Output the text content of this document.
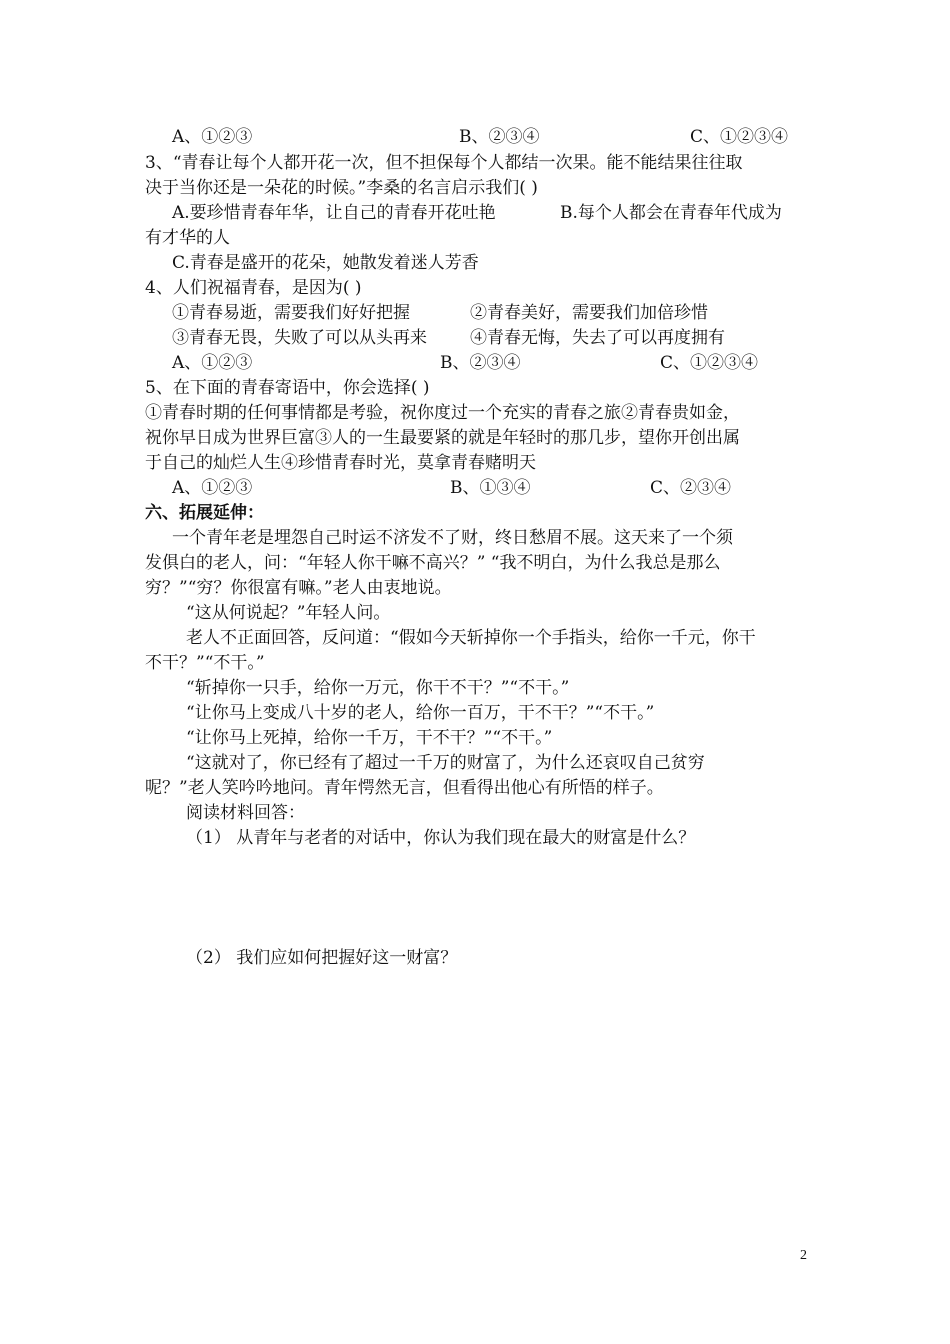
A、①②③	B、②③④	C、①②③④
3、“青春让每个人都开花一次，但不担保每个人都结一次果。能不能结果往往取
决于当你还是一朵花的时候。”李桑的名言启示我们( )
A.要珍惜青春年华，让自己的青春开花吐艳	B.每个人都会在青春年代成为
有才华的人
C.青春是盛开的花朵，她散发着迷人芳香
4、人们祝福青春，是因为( )
①青春易逝，需要我们好好把握	②青春美好，需要我们加倍珍惜
③青春无畏，失败了可以从头再来	④青春无悔，失去了可以再度拥有
A、①②③	B、②③④	C、①②③④
5、在下面的青春寄语中，你会选择( )
①青春时期的任何事情都是考验，祝你度过一个充实的青春之旅②青春贵如金，
祝你早日成为世界巨富③人的一生最要紧的就是年轻时的那几步，望你开创出属
于自己的灿烂人生④珍惜青春时光，莫拿青春赌明天
A、①②③	B、①③④	C、②③④
六、拓展延伸：
一个青年老是埋怨自己时运不济发不了财，终日愁眉不展。这天来了一个须
发俱白的老人，问：“年轻人你干嘛不高兴？” “我不明白，为什么我总是那么
穷？”“穷？你很富有嘛。”老人由衷地说。
“这从何说起？”年轻人问。
老人不正面回答，反问道：“假如今天斩掉你一个手指头，给你一千元，你干
不干？”“不干。”
“斩掉你一只手，给你一万元，你干不干？”“不干。”
“让你马上变成八十岁的老人，给你一百万，干不干？”“不干。”
“让你马上死掉，给你一千万，干不干？”“不干。”
“这就对了，你已经有了超过一千万的财富了，为什么还哀叹自己贫穷
呢？”老人笑吟吟地问。青年愕然无言，但看得出他心有所悟的样子。
阅读材料回答：
（1） 从青年与老者的对话中，你认为我们现在最大的财富是什么？
（2） 我们应如何把握好这一财富？
2
